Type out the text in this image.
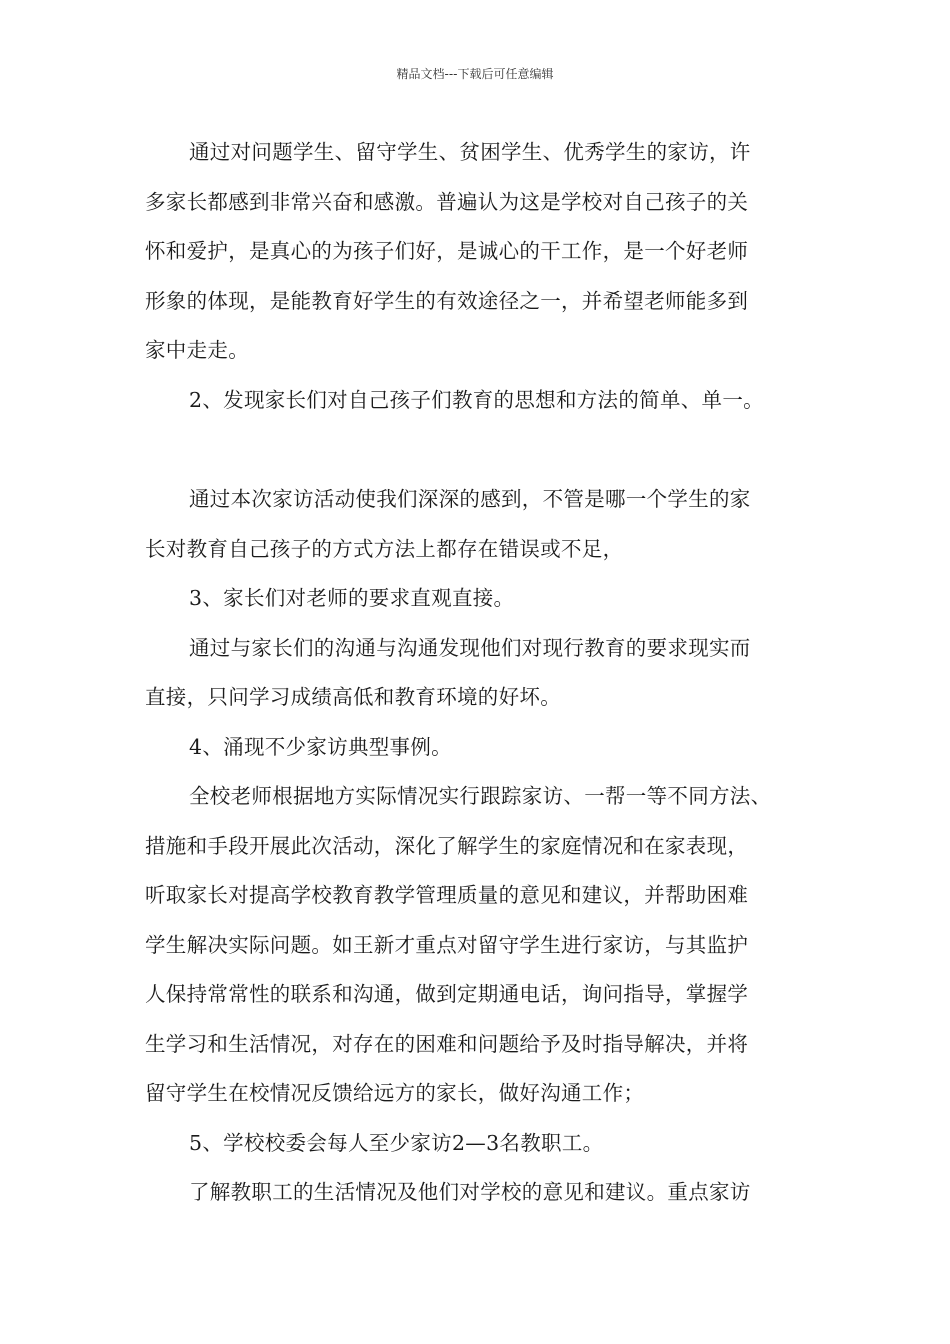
精品文档---下载后可任意编辑

通过对问题学生、留守学生、贫困学生、优秀学生的家访，许

多家长都感到非常兴奋和感激。普遍认为这是学校对自己孩子的关

怀和爱护，是真心的为孩子们好，是诚心的干工作，是一个好老师

形象的体现，是能教育好学生的有效途径之一，并希望老师能多到

家中走走。

2、发现家长们对自己孩子们教育的思想和方法的简单、单一。

通过本次家访活动使我们深深的感到，不管是哪一个学生的家

长对教育自己孩子的方式方法上都存在错误或不足，

3、家长们对老师的要求直观直接。

通过与家长们的沟通与沟通发现他们对现行教育的要求现实而

直接，只问学习成绩高低和教育环境的好坏。

4、涌现不少家访典型事例。

全校老师根据地方实际情况实行跟踪家访、一帮一等不同方法、

措施和手段开展此次活动，深化了解学生的家庭情况和在家表现，

听取家长对提高学校教育教学管理质量的意见和建议，并帮助困难

学生解决实际问题。如王新才重点对留守学生进行家访，与其监护

人保持常常性的联系和沟通，做到定期通电话，询问指导，掌握学

生学习和生活情况，对存在的困难和问题给予及时指导解决，并将

留守学生在校情况反馈给远方的家长，做好沟通工作；

5、学校校委会每人至少家访2—3名教职工。

了解教职工的生活情况及他们对学校的意见和建议。重点家访
